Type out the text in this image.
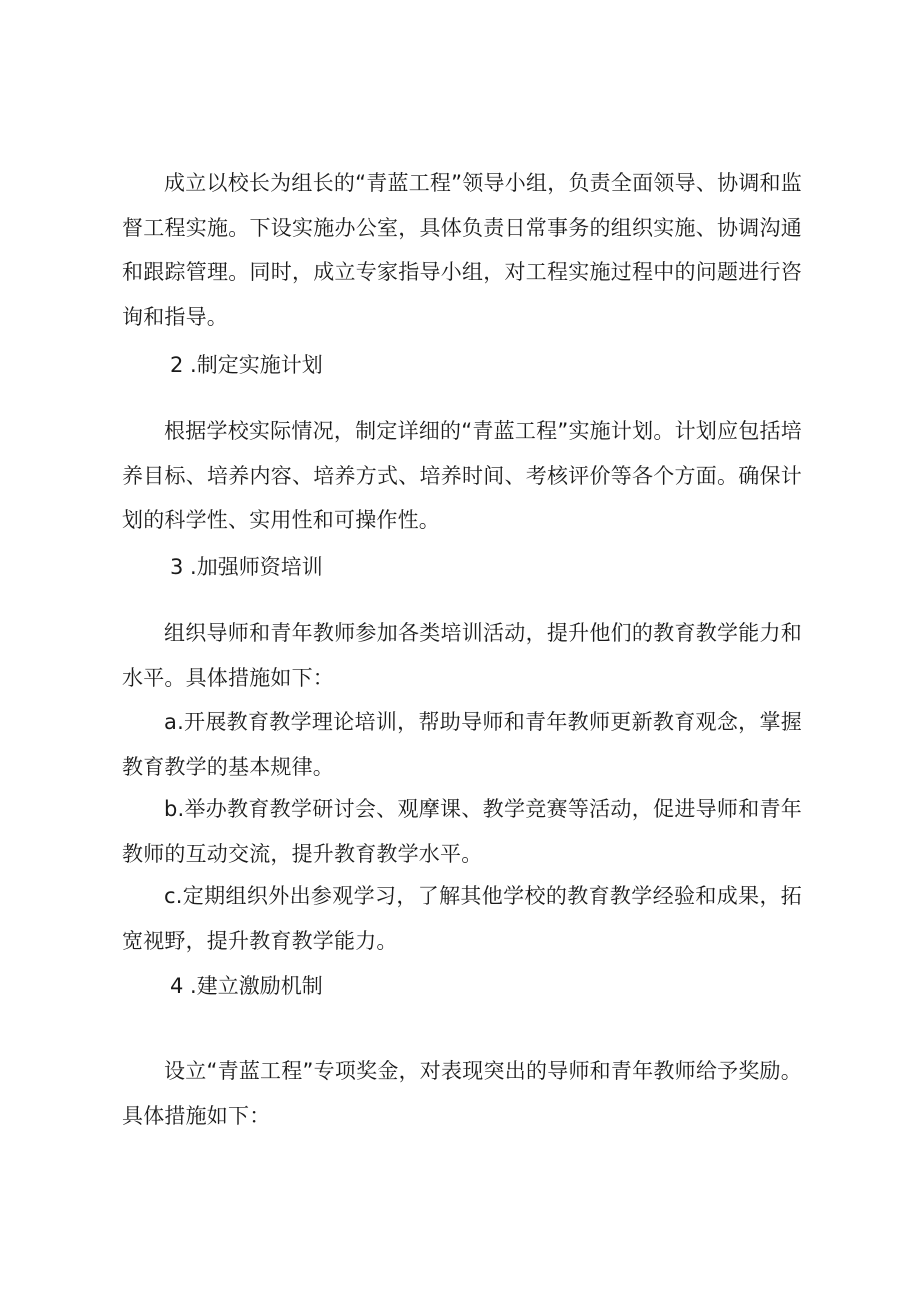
成立以校长为组长的“青蓝工程”领导小组，负责全面领导、协调和监督工程实施。下设实施办公室，具体负责日常事务的组织实施、协调沟通和跟踪管理。同时，成立专家指导小组，对工程实施过程中的问题进行咨询和指导。

2 .制定实施计划

根据学校实际情况，制定详细的“青蓝工程”实施计划。计划应包括培养目标、培养内容、培养方式、培养时间、考核评价等各个方面。确保计划的科学性、实用性和可操作性。

3 .加强师资培训

组织导师和青年教师参加各类培训活动，提升他们的教育教学能力和水平。具体措施如下：

a.开展教育教学理论培训，帮助导师和青年教师更新教育观念，掌握教育教学的基本规律。

b.举办教育教学研讨会、观摩课、教学竞赛等活动，促进导师和青年教师的互动交流，提升教育教学水平。

c.定期组织外出参观学习，了解其他学校的教育教学经验和成果，拓宽视野，提升教育教学能力。

4 .建立激励机制

设立“青蓝工程”专项奖金，对表现突出的导师和青年教师给予奖励。具体措施如下：
